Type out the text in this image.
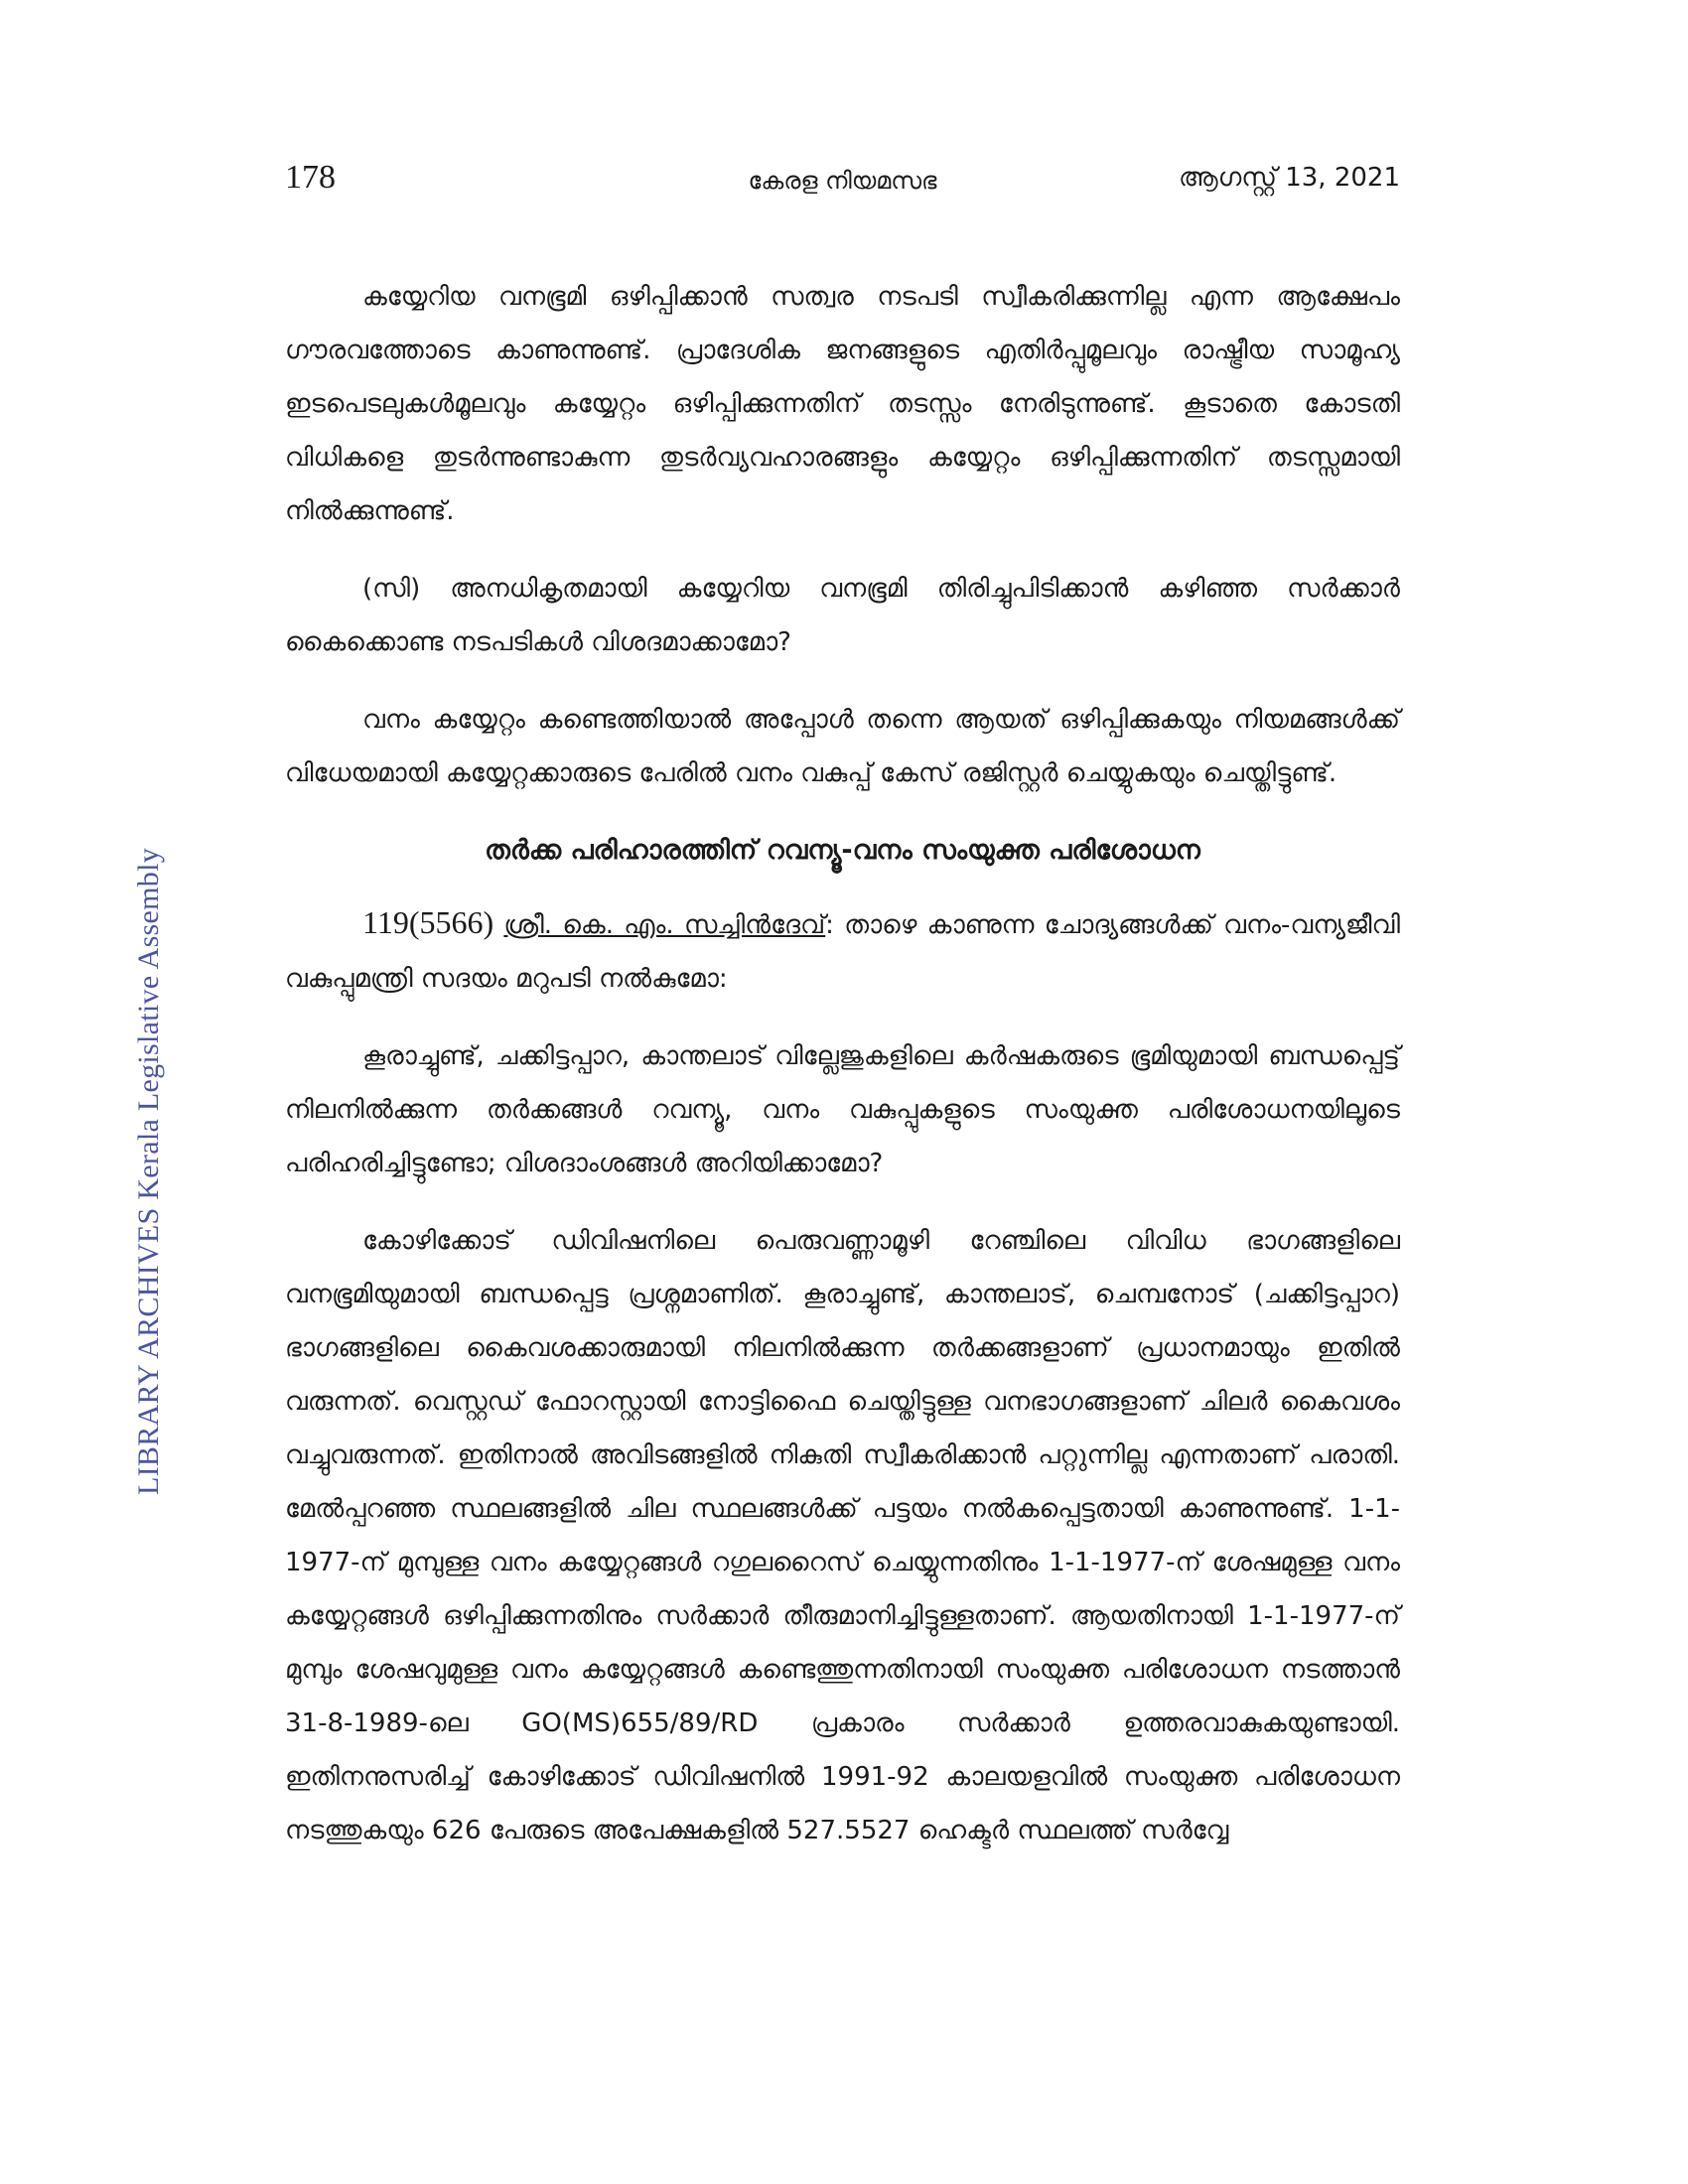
LIBRARY ARCHIVES Kerala Legislative Assembly
178	കേരള നിയമസഭ	ആഗസ്റ്റ് 13, 2021

കയ്യേറിയ വനഭൂമി ഒഴിപ്പിക്കാൻ സത്വര നടപടി സ്വീകരിക്കുന്നില്ല എന്ന ആക്ഷേപം ഗൗരവത്തോടെ കാണുന്നുണ്ട്. പ്രാദേശിക ജനങ്ങളുടെ എതിർപ്പുമൂലവും രാഷ്ട്രീയ സാമൂഹ്യ ഇടപെടലുകൾമൂലവും കയ്യേറ്റം ഒഴിപ്പിക്കുന്നതിന് തടസ്സം നേരിടുന്നുണ്ട്. കൂടാതെ കോടതി വിധികളെ തുടർന്നുണ്ടാകുന്ന തുടർവ്യവഹാരങ്ങളും കയ്യേറ്റം ഒഴിപ്പിക്കുന്നതിന് തടസ്സമായി നിൽക്കുന്നുണ്ട്.

(സി) അനധികൃതമായി കയ്യേറിയ വനഭൂമി തിരിച്ചുപിടിക്കാൻ കഴിഞ്ഞ സർക്കാർ കൈക്കൊണ്ട നടപടികൾ വിശദമാക്കാമോ?

വനം കയ്യേറ്റം കണ്ടെത്തിയാൽ അപ്പോൾ തന്നെ ആയത് ഒഴിപ്പിക്കുകയും നിയമങ്ങൾക്ക് വിധേയമായി കയ്യേറ്റക്കാരുടെ പേരിൽ വനം വകുപ്പ് കേസ് രജിസ്റ്റർ ചെയ്യുകയും ചെയ്തിട്ടുണ്ട്.

തർക്ക പരിഹാരത്തിന് റവന്യൂ-വനം സംയുക്ത പരിശോധന

119(5566) ശ്രീ. കെ. എം. സച്ചിൻദേവ്: താഴെ കാണുന്ന ചോദ്യങ്ങൾക്ക് വനം-വന്യജീവി വകുപ്പുമന്ത്രി സദയം മറുപടി നൽകുമോ:

കൂരാച്ചുണ്ട്, ചക്കിട്ടപ്പാറ, കാന്തലാട് വില്ലേജുകളിലെ കർഷകരുടെ ഭൂമിയുമായി ബന്ധപ്പെട്ട് നിലനിൽക്കുന്ന തർക്കങ്ങൾ റവന്യൂ, വനം വകുപ്പുകളുടെ സംയുക്ത പരിശോധനയിലൂടെ പരിഹരിച്ചിട്ടുണ്ടോ; വിശദാംശങ്ങൾ അറിയിക്കാമോ?

കോഴിക്കോട് ഡിവിഷനിലെ പെരുവണ്ണാമൂഴി റേഞ്ചിലെ വിവിധ ഭാഗങ്ങളിലെ വനഭൂമിയുമായി ബന്ധപ്പെട്ട പ്രശ്നമാണിത്. കൂരാച്ചുണ്ട്, കാന്തലാട്, ചെമ്പനോട് (ചക്കിട്ടപ്പാറ) ഭാഗങ്ങളിലെ കൈവശക്കാരുമായി നിലനിൽക്കുന്ന തർക്കങ്ങളാണ് പ്രധാനമായും ഇതിൽ വരുന്നത്. വെസ്റ്റഡ് ഫോറസ്റ്റായി നോട്ടിഫൈ ചെയ്തിട്ടുള്ള വനഭാഗങ്ങളാണ് ചിലർ കൈവശം വച്ചുവരുന്നത്. ഇതിനാൽ അവിടങ്ങളിൽ നികുതി സ്വീകരിക്കാൻ പറ്റുന്നില്ല എന്നതാണ് പരാതി. മേൽപ്പറഞ്ഞ സ്ഥലങ്ങളിൽ ചില സ്ഥലങ്ങൾക്ക് പട്ടയം നൽകപ്പെട്ടതായി കാണുന്നുണ്ട്. 1-1-1977-ന് മുമ്പുള്ള വനം കയ്യേറ്റങ്ങൾ റഗുലറൈസ് ചെയ്യുന്നതിനും 1-1-1977-ന് ശേഷമുള്ള വനം കയ്യേറ്റങ്ങൾ ഒഴിപ്പിക്കുന്നതിനും സർക്കാർ തീരുമാനിച്ചിട്ടുള്ളതാണ്. ആയതിനായി 1-1-1977-ന് മുമ്പും ശേഷവുമുള്ള വനം കയ്യേറ്റങ്ങൾ കണ്ടെത്തുന്നതിനായി സംയുക്ത പരിശോധന നടത്താൻ 31-8-1989-ലെ GO(MS)655/89/RD പ്രകാരം സർക്കാർ ഉത്തരവാകുകയുണ്ടായി. ഇതിനനുസരിച്ച് കോഴിക്കോട് ഡിവിഷനിൽ 1991-92 കാലയളവിൽ സംയുക്ത പരിശോധന നടത്തുകയും 626 പേരുടെ അപേക്ഷകളിൽ 527.5527 ഹെക്ടർ സ്ഥലത്ത് സർവ്വേ
